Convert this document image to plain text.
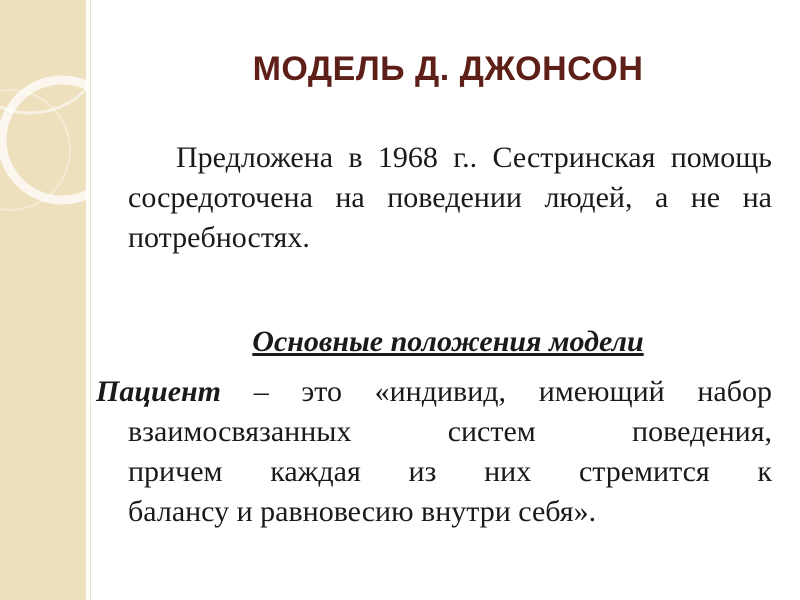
МОДЕЛЬ Д. ДЖОНСОН

Предложена в 1968 г.. Сестринская помощь сосредоточена на поведении людей, а не на потребностях.

Основные положения модели

Пациент – это «индивид, имеющий набор
взаимосвязанных систем поведения,
причем каждая из них стремится к
балансу и равновесию внутри себя».
